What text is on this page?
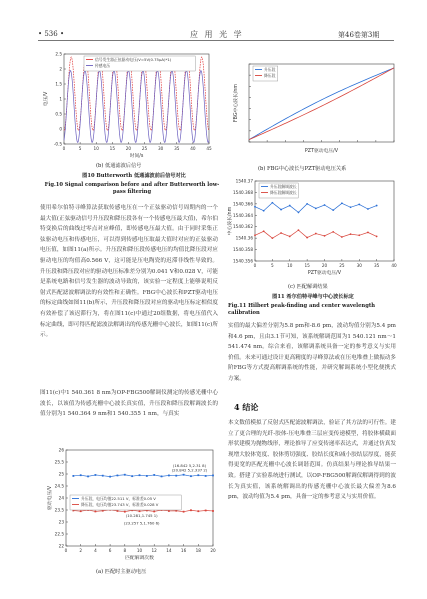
• 536 •	应 用 光 学	第46卷第3期
0	5	10	15	20	25	30	35	40	45
-0.5
0
0.5
1
1.5
2
2.5
时间/s
电压/V
信号发生器正弦驱动电压(V=5V(0.75μA)*1)
传感电压
(b) 低通滤波后信号
图10 Butterworth 低通滤波前后信号对比
Fig.10 Signal comparison before and after Butterworth low-pass filtering
使用希尔伯特寻峰算法获取传感电压在一个正弦驱动信号周期内的一个最大值(正弦驱动信号升压段和降压段各有一个传感电压最大值)，希尔伯特变换后的曲线过零点对应峰值，即传感电压最大值。由于同时采集正弦驱动电压和传感电压，可以得到传感电压取最大值时对应的正弦驱动电压值，如图11(a)所示。升压段和降压段传感电压的均值比降压段对应驱动电压的均值高0.566 V，这可能是压电陶瓷的迟滞非线性导致的。升压段和降压段对应的驱动电压标准差分别为0.041 V和0.028 V，可能是系统电路和信号发生器的波动导致的，该实验一定程度上能够说明反射式匹配滤波解调法的有效性和正确性。FBG中心波长和PZT驱动电压的标定曲线如图11(b)所示，升压段和降压段对应的驱动电压标定相似度有效补偿了该迟滞行为，将在图11(c)中通过20组数据，将电压值代入标定曲线，即可得匹配滤波法解调出的传感光栅中心波长，如图11(c)所示。
图11(c)中1 540.361 8 nm为OP-FBG500解调仪测定的传感光栅中心波长，以该值为传感光栅中心波长真实值，升压段和降压段解调波长的值分别为1 540.364 9 nm和1 540.355 1 nm，与真实
0	2	4	6	8	10 12 14 16 18 20
22
22.5
23
23.5
24
24.5
25
25.5
26
匹配解调次数
驱动电压/V
(16.842 5,2.31 8)
(20.842 5,2.337 2)
(10.281,1.745 1)
(23.257 5,1.760 6)
升压段，电压均值22.511 V，标准差0.05 V
降压段，电压均值23.743 V，标准差0.028 V
(a) 匹配时主驱动电压
PZT驱动电压/V
FBG中心波长/nm
升压段
降压段
(b) FBG中心波长与PZT驱动电压关系
0	5	10	15	20	25	30	35	40
1540.356
1540.358
1540.36
1540.362
1540.364
1540.366
1540.368
1540.37
PZT驱动电压/V
中心波长/nm
升压段解调波长
降压段解调波长
(c) 匹配解调结果
图11 希尔伯特寻峰与中心波长标定
Fig.11 Hilbert peak-finding and center wavelength calibration
实值的最大偏差分别为5.8 pm和-8.6 pm，波动均值分别为5.4 pm和4.6 pm，且由3.1节可知，该系统解调范围为1 540.121 nm～1 541.474 nm。综合来看，该解调系统具备一定的参考意义与实用价值。未来可通过设计更高精度的寻峰算法或在压电堆叠上做振动多阶FBG等方式提高解调系统的性能，并研究解调系统小型化便携式方案。
4 结论
本文数值模拟了反射式匹配滤波解调法，验证了其方法的可行性。建立了更合理的光纤-胶体-压电堆叠三层应变传递模型，将胶体横截面形状建模为抛物线形，理论推导了应变传递率表达式，并通过仿真发现增大胶体宽度、胶体剪切强度、胶结长度和减小胶结层厚度，能获得更宽的匹配光栅中心波长调谐范围。仿真结果与理论推导结果一致。搭建了实验系统进行测试，以OP-FBG500解调仪解调得到的波长为真实值，该系统解调出的传感光栅中心波长最大偏差为8.6 pm，波动均值为5.4 pm，具备一定的参考意义与实用价值。
